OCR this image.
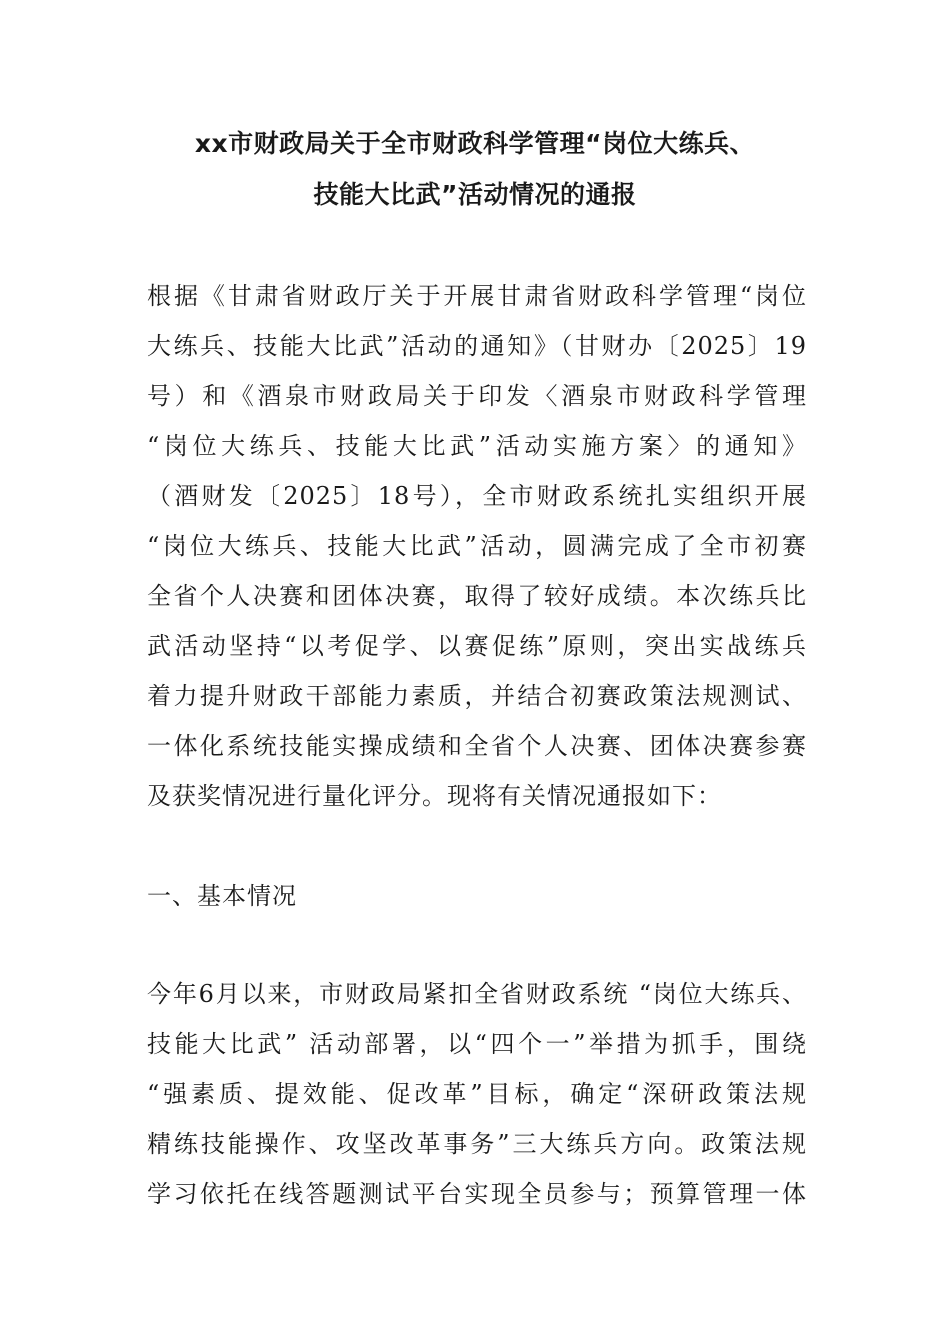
xx市财政局关于全市财政科学管理“岗位大练兵、
技能大比武”活动情况的通报
根据《甘肃省财政厅关于开展甘肃省财政科学管理“岗位
大练兵、技能大比武”活动的通知》（甘财办〔2025〕19
号）和《酒泉市财政局关于印发〈酒泉市财政科学管理
“岗位大练兵、技能大比武”活动实施方案〉的通知》
（酒财发〔2025〕18号），全市财政系统扎实组织开展
“岗位大练兵、技能大比武”活动，圆满完成了全市初赛
全省个人决赛和团体决赛，取得了较好成绩。本次练兵比
武活动坚持“以考促学、以赛促练”原则，突出实战练兵
着力提升财政干部能力素质，并结合初赛政策法规测试、
一体化系统技能实操成绩和全省个人决赛、团体决赛参赛
及获奖情况进行量化评分。现将有关情况通报如下：
一、基本情况
今年6月以来，市财政局紧扣全省财政系统 “岗位大练兵、
技能大比武” 活动部署，以“四个一”举措为抓手，围绕
“强素质、提效能、促改革”目标，确定“深研政策法规
精练技能操作、攻坚改革事务”三大练兵方向。政策法规
学习依托在线答题测试平台实现全员参与；预算管理一体
